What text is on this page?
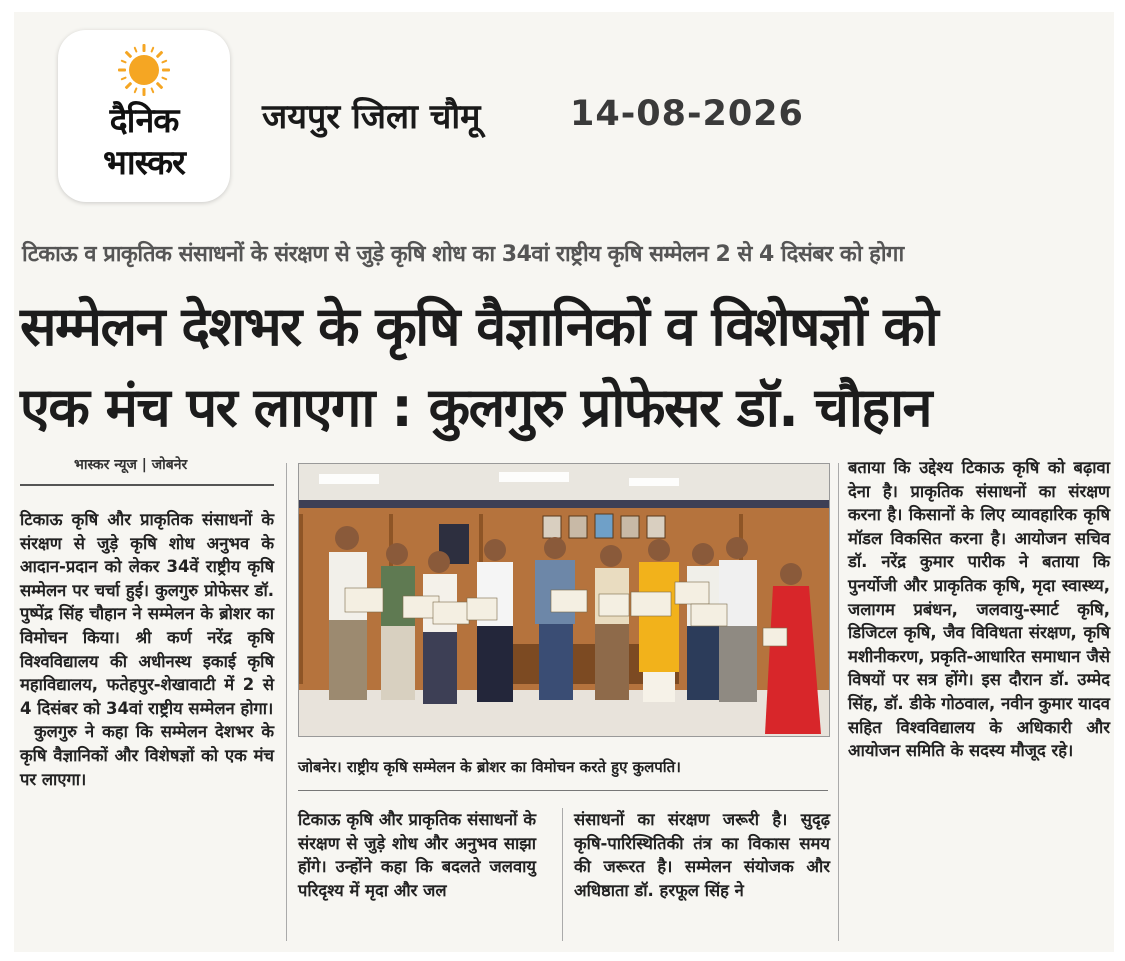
दैनिक
भास्कर
जयपुर जिला चौमू	14-08-2026
टिकाऊ व प्राकृतिक संसाधनों के संरक्षण से जुड़े कृषि शोध का 34वां राष्ट्रीय कृषि सम्मेलन 2 से 4 दिसंबर को होगा
सम्मेलन देशभर के कृषि वैज्ञानिकों व विशेषज्ञों को
एक मंच पर लाएगा : कुलगुरु प्रोफेसर डॉ. चौहान
भास्कर न्यूज | जोबनेर

टिकाऊ कृषि और प्राकृतिक संसाधनों के संरक्षण से जुड़े कृषि शोध अनुभव के आदान-प्रदान को लेकर 34वें राष्ट्रीय कृषि सम्मेलन पर चर्चा हुई। कुलगुरु प्रोफेसर डॉ. पुष्पेंद्र सिंह चौहान ने सम्मेलन के ब्रोशर का विमोचन किया। श्री कर्ण नरेंद्र कृषि विश्वविद्यालय की अधीनस्थ इकाई कृषि महाविद्यालय, फतेहपुर-शेखावाटी में 2 से 4 दिसंबर को 34वां राष्ट्रीय सम्मेलन होगा।

कुलगुरु ने कहा कि सम्मेलन देशभर के कृषि वैज्ञानिकों और विशेषज्ञों को एक मंच पर लाएगा।

जोबनेर। राष्ट्रीय कृषि सम्मेलन के ब्रोशर का विमोचन करते हुए कुलपति।

टिकाऊ कृषि और प्राकृतिक संसाधनों के संरक्षण से जुड़े शोध और अनुभव साझा होंगे। उन्होंने कहा कि बदलते जलवायु परिदृश्य में मृदा और जल

संसाधनों का संरक्षण जरूरी है। सुदृढ़ कृषि-पारिस्थितिकी तंत्र का विकास समय की जरूरत है। सम्मेलन संयोजक और अधिष्ठाता डॉ. हरफूल सिंह ने

बताया कि उद्देश्य टिकाऊ कृषि को बढ़ावा देना है। प्राकृतिक संसाधनों का संरक्षण करना है। किसानों के लिए व्यावहारिक कृषि मॉडल विकसित करना है। आयोजन सचिव डॉ. नरेंद्र कुमार पारीक ने बताया कि पुनर्योजी और प्राकृतिक कृषि, मृदा स्वास्थ्य, जलागम प्रबंधन, जलवायु-स्मार्ट कृषि, डिजिटल कृषि, जैव विविधता संरक्षण, कृषि मशीनीकरण, प्रकृति-आधारित समाधान जैसे विषयों पर सत्र होंगे। इस दौरान डॉ. उम्मेद सिंह, डॉ. डीके गोठवाल, नवीन कुमार यादव सहित विश्वविद्यालय के अधिकारी और आयोजन समिति के सदस्य मौजूद रहे।
